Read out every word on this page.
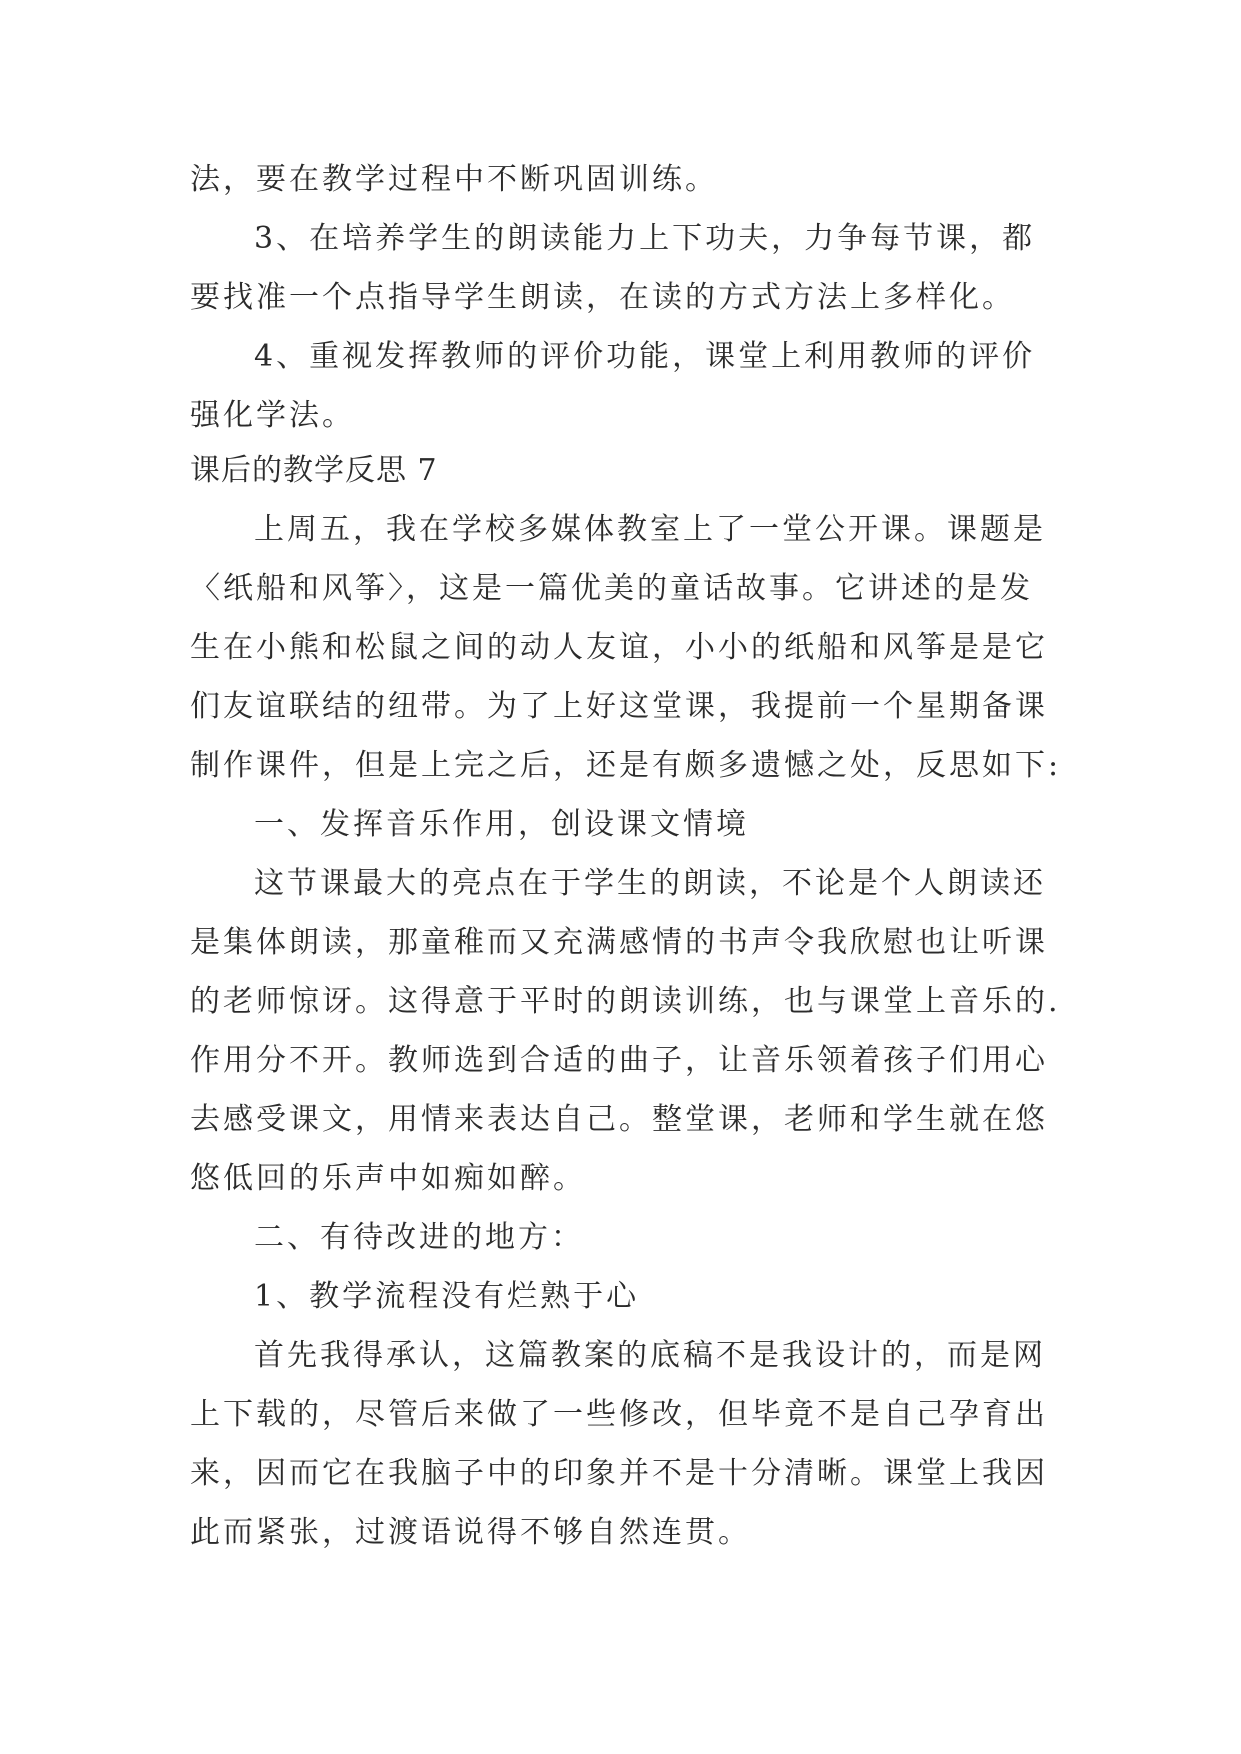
法，要在教学过程中不断巩固训练。
3、在培养学生的朗读能力上下功夫，力争每节课，都
要找准一个点指导学生朗读，在读的方式方法上多样化。
4、重视发挥教师的评价功能，课堂上利用教师的评价
强化学法。
课后的教学反思 7
上周五，我在学校多媒体教室上了一堂公开课。课题是
〈纸船和风筝〉，这是一篇优美的童话故事。它讲述的是发
生在小熊和松鼠之间的动人友谊，小小的纸船和风筝是是它
们友谊联结的纽带。为了上好这堂课，我提前一个星期备课
制作课件，但是上完之后，还是有颇多遗憾之处，反思如下:
一、发挥音乐作用，创设课文情境
这节课最大的亮点在于学生的朗读，不论是个人朗读还
是集体朗读，那童稚而又充满感情的书声令我欣慰也让听课
的老师惊讶。这得意于平时的朗读训练，也与课堂上音乐的.
作用分不开。教师选到合适的曲子，让音乐领着孩子们用心
去感受课文，用情来表达自己。整堂课，老师和学生就在悠
悠低回的乐声中如痴如醉。
二、有待改进的地方：
1、教学流程没有烂熟于心
首先我得承认，这篇教案的底稿不是我设计的，而是网
上下载的，尽管后来做了一些修改，但毕竟不是自己孕育出
来，因而它在我脑子中的印象并不是十分清晰。课堂上我因
此而紧张，过渡语说得不够自然连贯。
